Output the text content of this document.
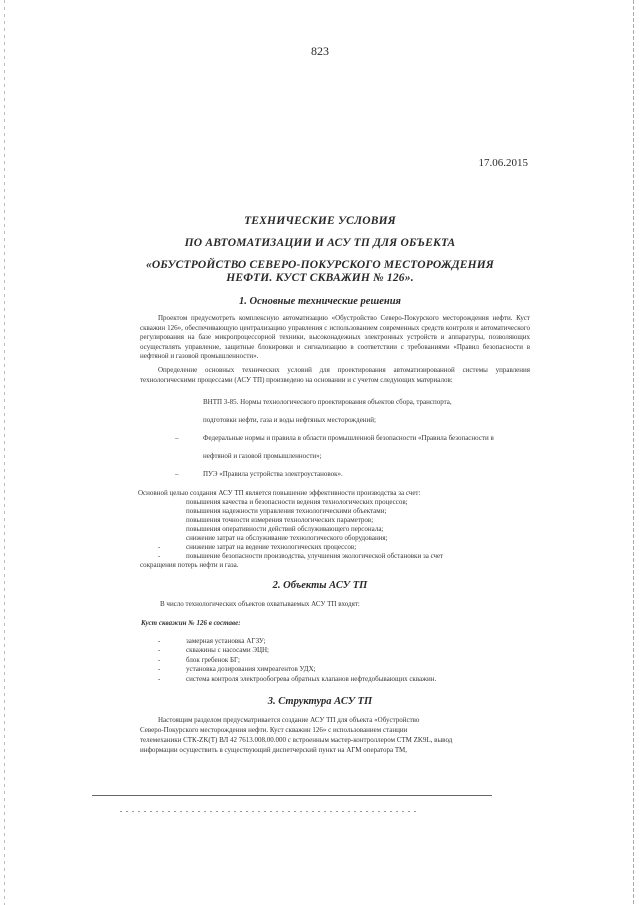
823
17.06.2015
ТЕХНИЧЕСКИЕ УСЛОВИЯ
ПО АВТОМАТИЗАЦИИ И АСУ ТП ДЛЯ ОБЪЕКТА
«ОБУСТРОЙСТВО СЕВЕРО-ПОКУРСКОГО МЕСТОРОЖДЕНИЯ
НЕФТИ. КУСТ СКВАЖИН № 126».
1. Основные технические решения
Проектом предусмотреть комплексную автоматизацию «Обустройство Северо-Покурского месторождения нефти. Куст скважин 126», обеспечивающую централизацию управления с использованием современных средств контроля и автоматического регулирования на базе микропроцессорной техники, высоконадежных электронных устройств и аппаратуры, позволяющих осуществлять управление, защитные блокировки и сигнализацию в соответствии с требованиями «Правил безопасности в нефтяной и газовой промышленности».
Определение основных технических условий для проектирования автоматизированной системы управления технологическими процессами (АСУ ТП) произведено на основании и с учетом следующих материалов:
ВНТП 3-85. Нормы технологического проектирования объектов сбора, транспорта,
подготовки нефти, газа и воды нефтяных месторождений;
–	Федеральные нормы и правила в области промышленной безопасности «Правила безопасности в
нефтяной и газовой промышленности»;
–	ПУЭ «Правила устройства электроустановок».
Основной целью создания АСУ ТП является повышение эффективности производства за счет:
повышения качества и безопасности ведения технологических процессов;
повышения надежности управления технологическими объектами;
повышения точности измерения технологических параметров;
повышения оперативности действий обслуживающего персонала;
снижение затрат на обслуживание технологического оборудования;
-	снижение затрат на ведение технологических процессов;
-	повышение безопасности производства, улучшения экологической обстановки за счет
сокращения потерь нефти и газа.
2. Объекты АСУ ТП
В число технологических объектов охватываемых АСУ ТП входят:
Куст скважин № 126 в составе:
-	замерная установка АГЗУ;
-	скважины с насосами ЭЦН;
-	блок гребенок БГ;
-	установка дозирования химреагентов УДХ;
-	система контроля электрообогрева обратных клапанов нефтедобывающих скважин.
3. Структура АСУ ТП
Настоящим разделом предусматривается создание АСУ ТП для объекта «Обустройство
Северо-Покурского месторождения нефти. Куст скважин 126» с использованием станции
телемеханики СТК-ZK(Т) ВЛ 42 7613.008.00.000 с встроенным мастер-контроллером СТМ ZK9L, вывод
информации осуществить в существующий диспетчерский пункт на АГМ оператора ТМ,
